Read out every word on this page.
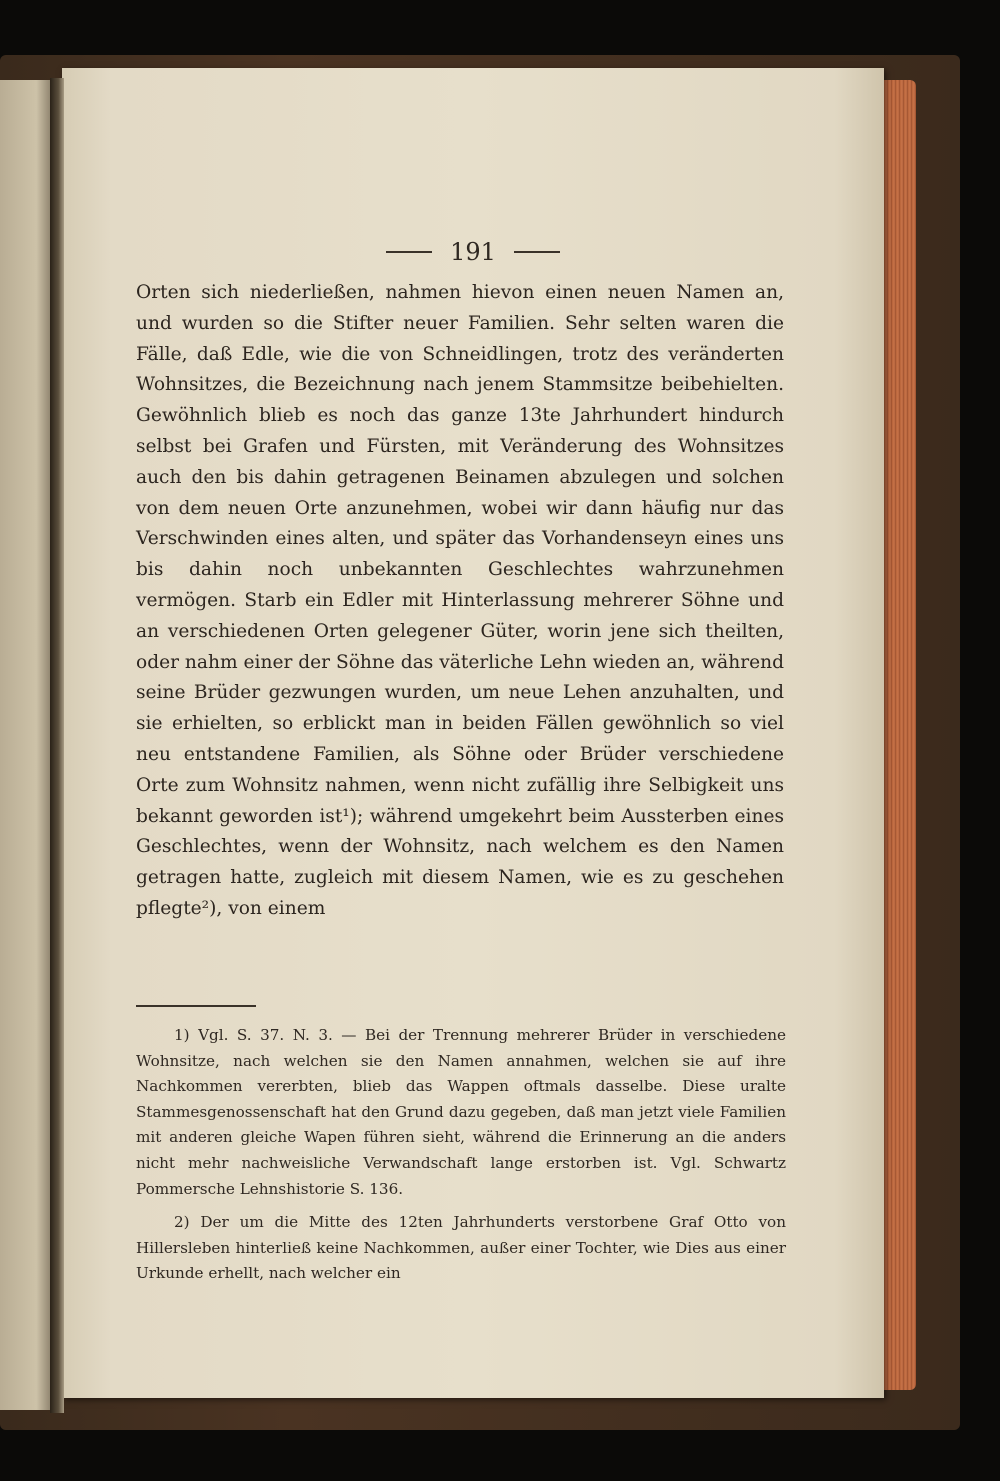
191

Orten sich niederließen, nahmen hievon einen neuen Namen an, und wurden so die Stifter neuer Familien. Sehr selten waren die Fälle, daß Edle, wie die von Schneidlingen, trotz des veränderten Wohnsitzes, die Bezeichnung nach jenem Stammsitze beibehielten. Gewöhnlich blieb es noch das ganze 13te Jahrhundert hindurch selbst bei Grafen und Fürsten, mit Veränderung des Wohnsitzes auch den bis dahin getragenen Beinamen abzulegen und solchen von dem neuen Orte anzunehmen, wobei wir dann häufig nur das Verschwinden eines alten, und später das Vorhandenseyn eines uns bis dahin noch unbekannten Geschlechtes wahrzunehmen vermögen. Starb ein Edler mit Hinterlassung mehrerer Söhne und an verschiedenen Orten gelegener Güter, worin jene sich theilten, oder nahm einer der Söhne das väterliche Lehn wieden an, während seine Brüder gezwungen wurden, um neue Lehen anzuhalten, und sie erhielten, so erblickt man in beiden Fällen gewöhnlich so viel neu entstandene Familien, als Söhne oder Brüder verschiedene Orte zum Wohnsitz nahmen, wenn nicht zufällig ihre Selbigkeit uns bekannt geworden ist¹); während umgekehrt beim Aussterben eines Geschlechtes, wenn der Wohnsitz, nach welchem es den Namen getragen hatte, zugleich mit diesem Namen, wie es zu geschehen pflegte²), von einem

1) Vgl. S. 37. N. 3. — Bei der Trennung mehrerer Brüder in verschiedene Wohnsitze, nach welchen sie den Namen annahmen, welchen sie auf ihre Nachkommen vererbten, blieb das Wappen oftmals dasselbe. Diese uralte Stammesgenossenschaft hat den Grund dazu gegeben, daß man jetzt viele Familien mit anderen gleiche Wapen führen sieht, während die Erinnerung an die anders nicht mehr nachweisliche Verwandschaft lange erstorben ist. Vgl. Schwartz Pommersche Lehnshistorie S. 136.

2) Der um die Mitte des 12ten Jahrhunderts verstorbene Graf Otto von Hillersleben hinterließ keine Nachkommen, außer einer Tochter, wie Dies aus einer Urkunde erhellt, nach welcher ein
